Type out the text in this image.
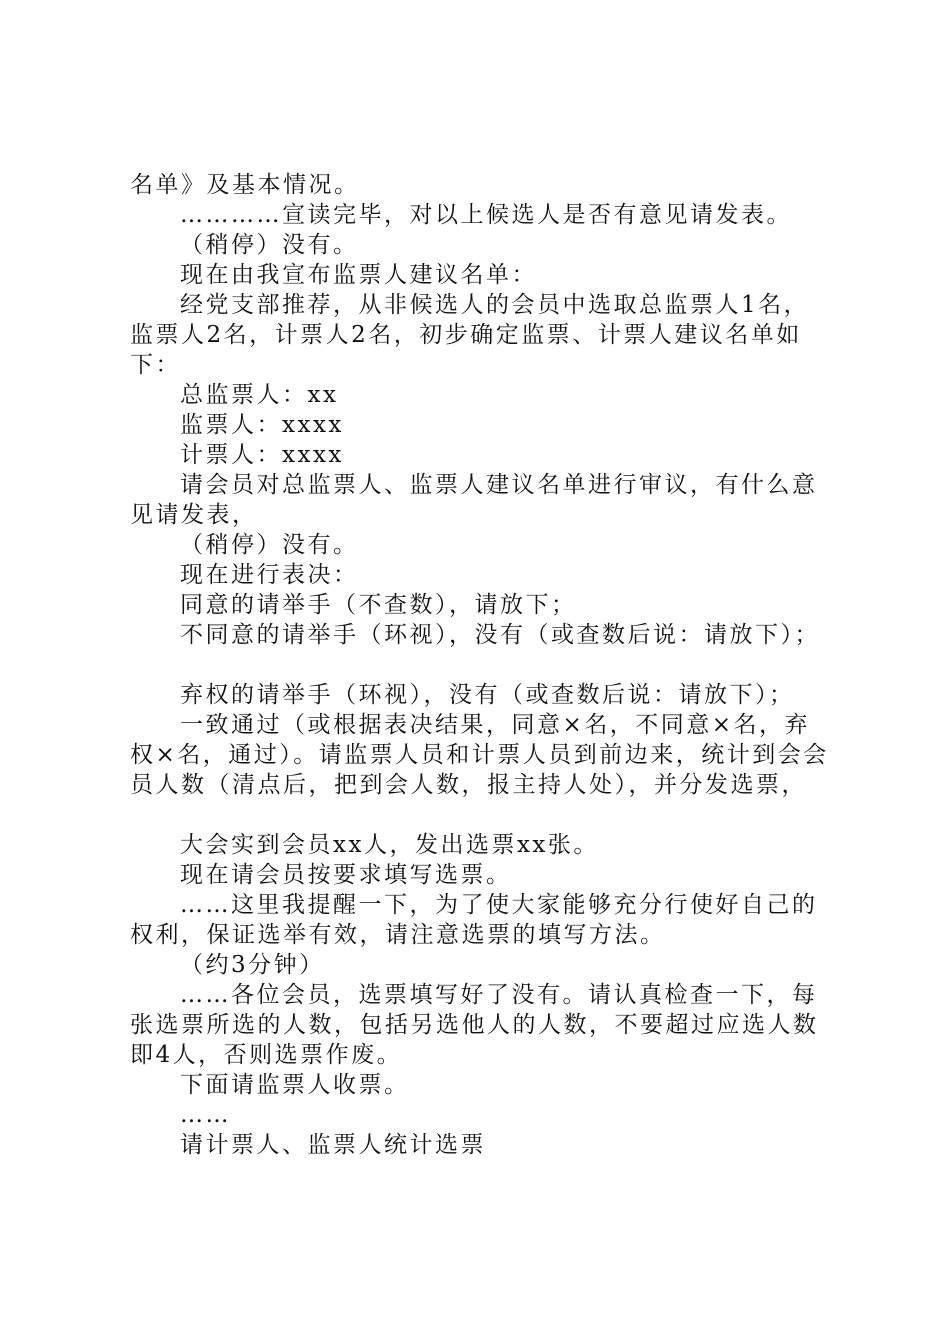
名单》及基本情况。

…………宣读完毕，对以上候选人是否有意见请发表。

（稍停）没有。

现在由我宣布监票人建议名单：

经党支部推荐，从非候选人的会员中选取总监票人1名，监票人2名，计票人2名，初步确定监票、计票人建议名单如下：

总监票人：xx

监票人：xxxx

计票人：xxxx

请会员对总监票人、监票人建议名单进行审议，有什么意见请发表，

（稍停）没有。

现在进行表决：

同意的请举手（不查数），请放下；

不同意的请举手（环视），没有（或查数后说：请放下）；

弃权的请举手（环视），没有（或查数后说：请放下）；

一致通过（或根据表决结果，同意×名，不同意×名，弃权×名，通过）。请监票人员和计票人员到前边来，统计到会会员人数（清点后，把到会人数，报主持人处），并分发选票，

大会实到会员xx人，发出选票xx张。

现在请会员按要求填写选票。

……这里我提醒一下，为了使大家能够充分行使好自己的权利，保证选举有效，请注意选票的填写方法。

（约3分钟）

……各位会员，选票填写好了没有。请认真检查一下，每张选票所选的人数，包括另选他人的人数，不要超过应选人数即4人，否则选票作废。

下面请监票人收票。

……

请计票人、监票人统计选票
